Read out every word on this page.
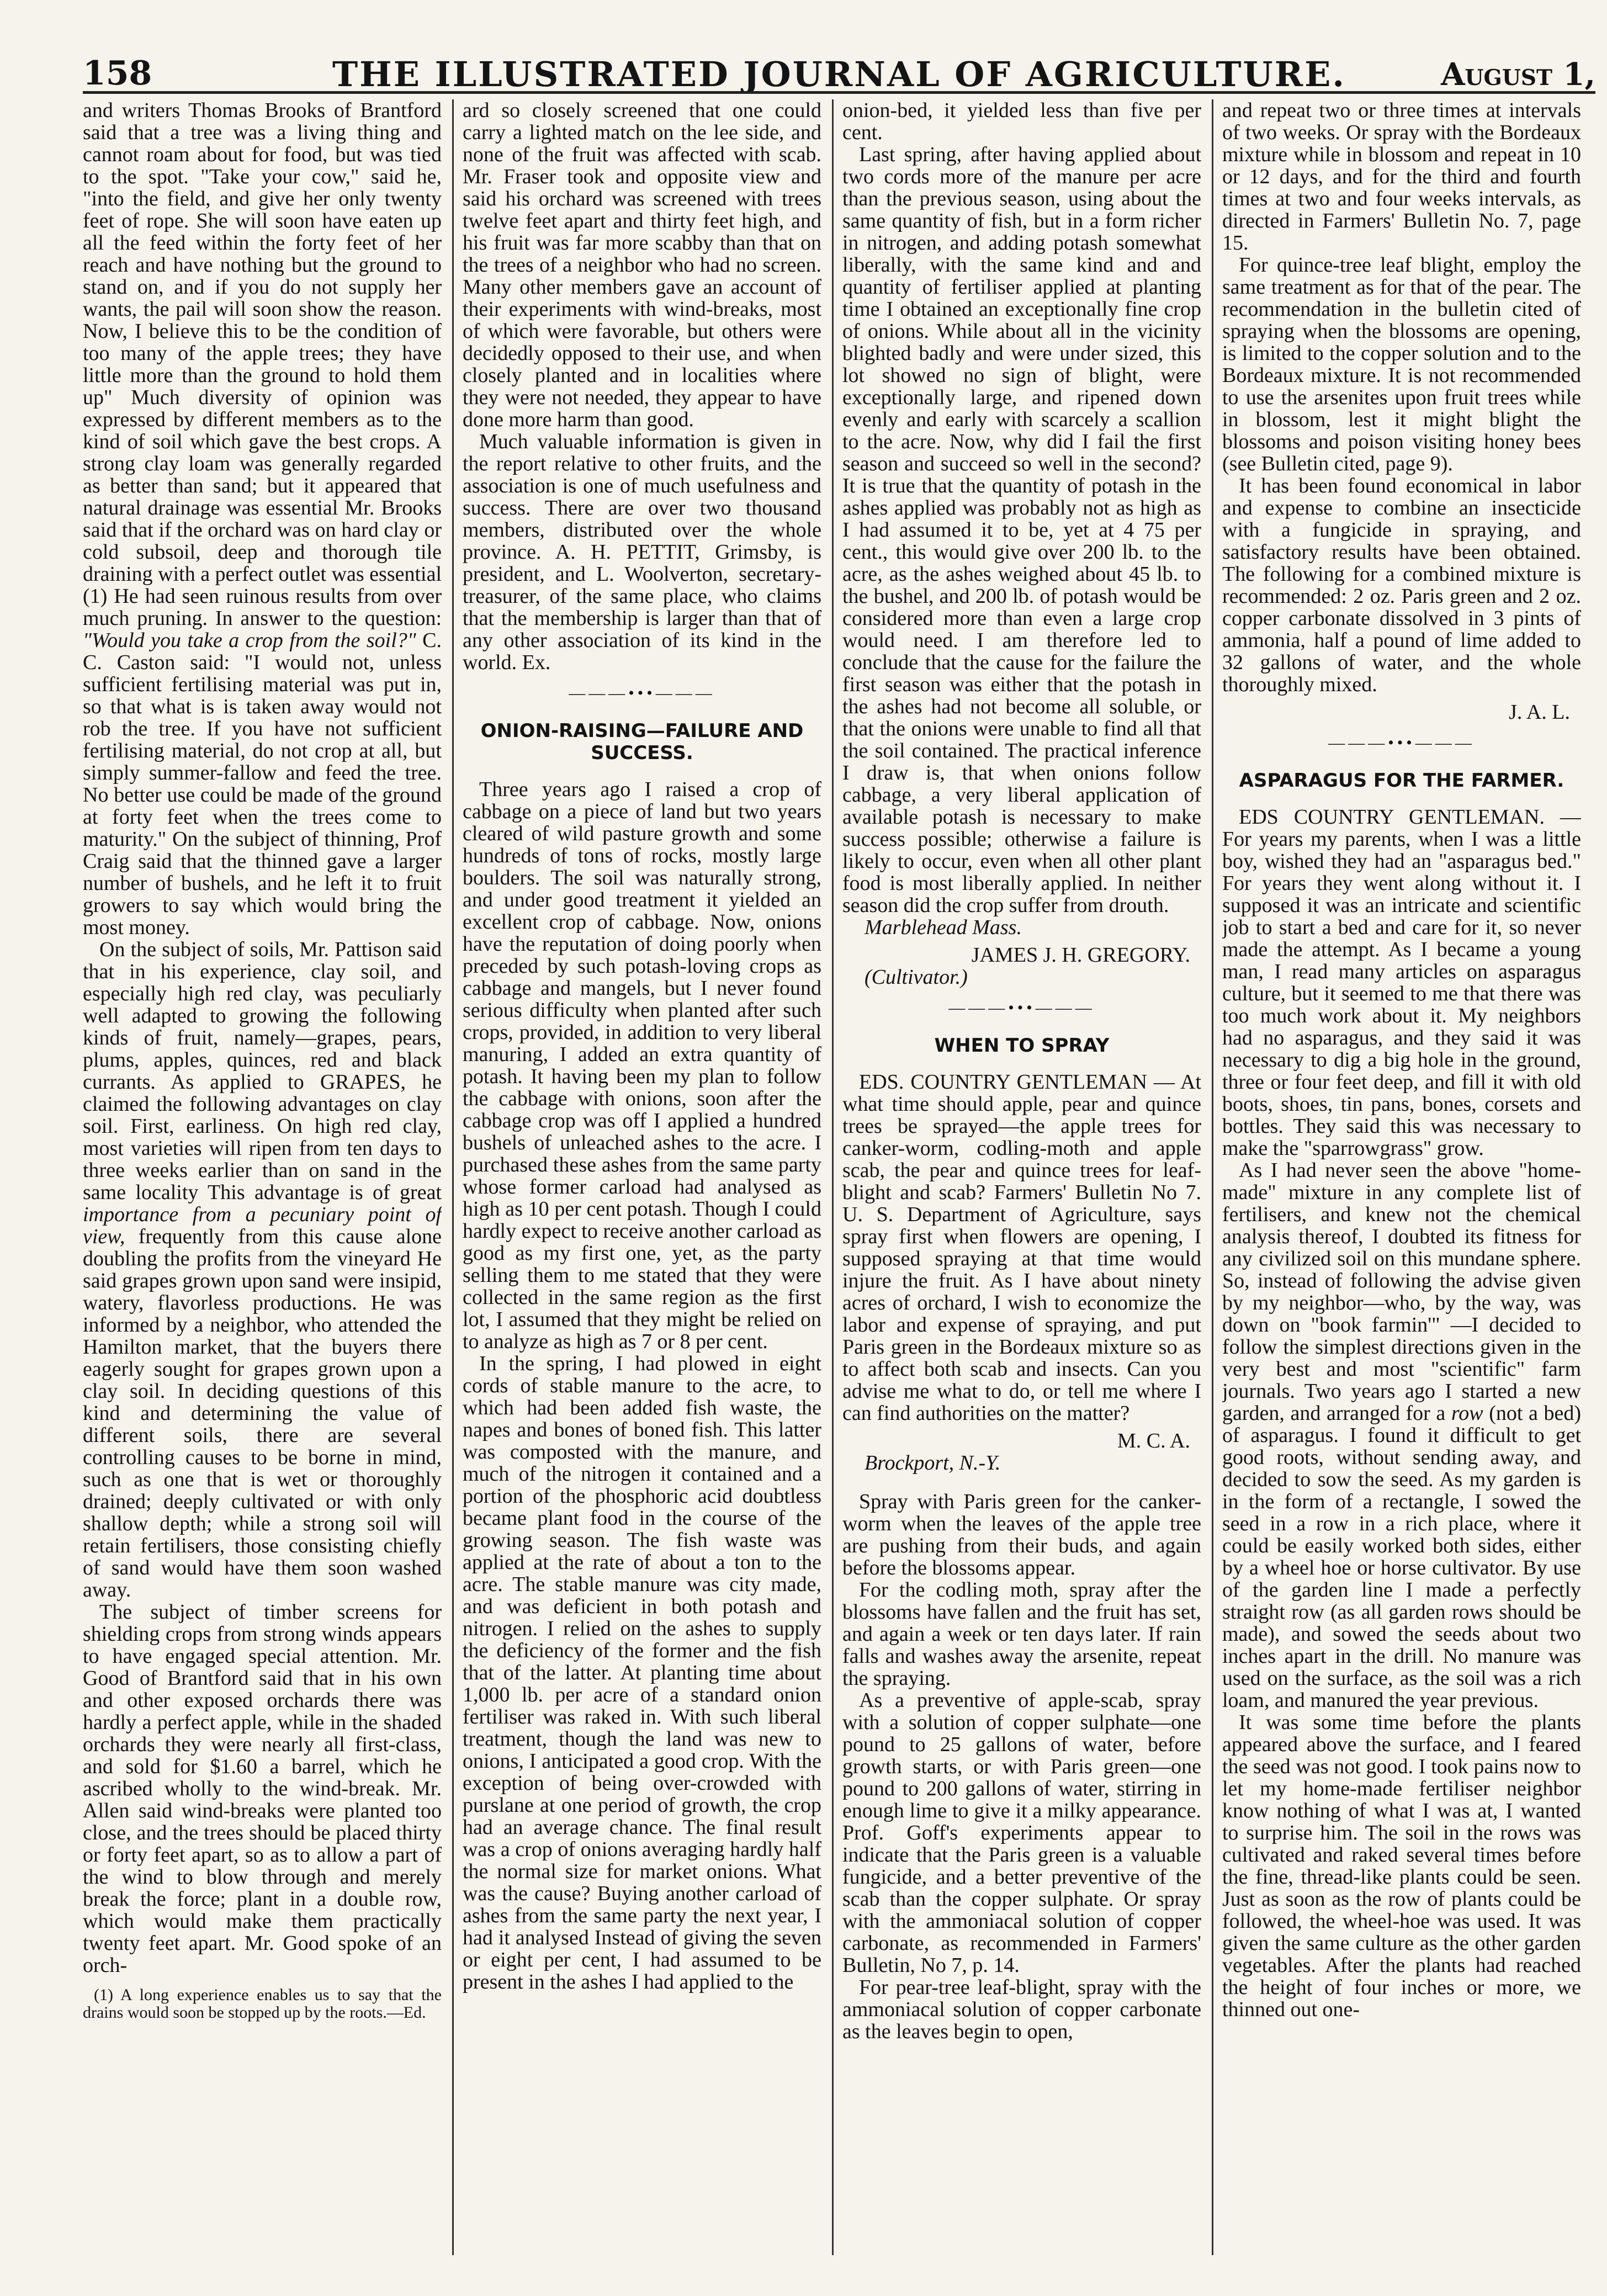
158	THE ILLUSTRATED JOURNAL OF AGRICULTURE.	August 1,

and writers Thomas Brooks of Brantford said that a tree was a living thing and cannot roam about for food, but was tied to the spot. "Take your cow," said he, "into the field, and give her only twenty feet of rope. She will soon have eaten up all the feed within the forty feet of her reach and have nothing but the ground to stand on, and if you do not supply her wants, the pail will soon show the reason. Now, I believe this to be the condition of too many of the apple trees; they have little more than the ground to hold them up" Much diversity of opinion was expressed by different members as to the kind of soil which gave the best crops. A strong clay loam was generally regarded as better than sand; but it appeared that natural drainage was essential Mr. Brooks said that if the orchard was on hard clay or cold subsoil, deep and thorough tile draining with a perfect outlet was essential (1) He had seen ruinous results from over much pruning. In answer to the question: "Would you take a crop from the soil?" C. C. Caston said: "I would not, unless sufficient fertilising material was put in, so that what is is taken away would not rob the tree. If you have not sufficient fertilising material, do not crop at all, but simply summer-fallow and feed the tree. No better use could be made of the ground at forty feet when the trees come to maturity." On the subject of thinning, Prof Craig said that the thinned gave a larger number of bushels, and he left it to fruit growers to say which would bring the most money.

On the subject of soils, Mr. Pattison said that in his experience, clay soil, and especially high red clay, was peculiarly well adapted to growing the following kinds of fruit, namely—grapes, pears, plums, apples, quinces, red and black currants. As applied to GRAPES, he claimed the following advantages on clay soil. First, earliness. On high red clay, most varieties will ripen from ten days to three weeks earlier than on sand in the same locality This advantage is of great importance from a pecuniary point of view, frequently from this cause alone doubling the profits from the vineyard He said grapes grown upon sand were insipid, watery, flavorless productions. He was informed by a neighbor, who attended the Hamilton market, that the buyers there eagerly sought for grapes grown upon a clay soil. In deciding questions of this kind and determining the value of different soils, there are several controlling causes to be borne in mind, such as one that is wet or thoroughly drained; deeply cultivated or with only shallow depth; while a strong soil will retain fertilisers, those consisting chiefly of sand would have them soon washed away.

The subject of timber screens for shielding crops from strong winds appears to have engaged special attention. Mr. Good of Brantford said that in his own and other exposed orchards there was hardly a perfect apple, while in the shaded orchards they were nearly all first-class, and sold for $1.60 a barrel, which he ascribed wholly to the wind-break. Mr. Allen said wind-breaks were planted too close, and the trees should be placed thirty or forty feet apart, so as to allow a part of the wind to blow through and merely break the force; plant in a double row, which would make them practically twenty feet apart. Mr. Good spoke of an orch-

(1) A long experience enables us to say that the drains would soon be stopped up by the roots.—Ed.

ard so closely screened that one could carry a lighted match on the lee side, and none of the fruit was affected with scab. Mr. Fraser took and opposite view and said his orchard was screened with trees twelve feet apart and thirty feet high, and his fruit was far more scabby than that on the trees of a neighbor who had no screen. Many other members gave an account of their experiments with wind-breaks, most of which were favorable, but others were decidedly opposed to their use, and when closely planted and in localities where they were not needed, they appear to have done more harm than good.

Much valuable information is given in the report relative to other fruits, and the association is one of much usefulness and success. There are over two thousand members, distributed over the whole province. A. H. PETTIT, Grimsby, is president, and L. Woolverton, secretary-treasurer, of the same place, who claims that the membership is larger than that of any other association of its kind in the world. Ex.

———•••———
ONION-RAISING—FAILURE AND SUCCESS.

Three years ago I raised a crop of cabbage on a piece of land but two years cleared of wild pasture growth and some hundreds of tons of rocks, mostly large boulders. The soil was naturally strong, and under good treatment it yielded an excellent crop of cabbage. Now, onions have the reputation of doing poorly when preceded by such potash-loving crops as cabbage and mangels, but I never found serious difficulty when planted after such crops, provided, in addition to very liberal manuring, I added an extra quantity of potash. It having been my plan to follow the cabbage with onions, soon after the cabbage crop was off I applied a hundred bushels of unleached ashes to the acre. I purchased these ashes from the same party whose former carload had analysed as high as 10 per cent potash. Though I could hardly expect to receive another carload as good as my first one, yet, as the party selling them to me stated that they were collected in the same region as the first lot, I assumed that they might be relied on to analyze as high as 7 or 8 per cent.

In the spring, I had plowed in eight cords of stable manure to the acre, to which had been added fish waste, the napes and bones of boned fish. This latter was composted with the manure, and much of the nitrogen it contained and a portion of the phosphoric acid doubtless became plant food in the course of the growing season. The fish waste was applied at the rate of about a ton to the acre. The stable manure was city made, and was deficient in both potash and nitrogen. I relied on the ashes to supply the deficiency of the former and the fish that of the latter. At planting time about 1,000 lb. per acre of a standard onion fertiliser was raked in. With such liberal treatment, though the land was new to onions, I anticipated a good crop. With the exception of being over-crowded with purslane at one period of growth, the crop had an average chance. The final result was a crop of onions averaging hardly half the normal size for market onions. What was the cause? Buying another carload of ashes from the same party the next year, I had it analysed Instead of giving the seven or eight per cent, I had assumed to be present in the ashes I had applied to the

onion-bed, it yielded less than five per cent.

Last spring, after having applied about two cords more of the manure per acre than the previous season, using about the same quantity of fish, but in a form richer in nitrogen, and adding potash somewhat liberally, with the same kind and and quantity of fertiliser applied at planting time I obtained an exceptionally fine crop of onions. While about all in the vicinity blighted badly and were under sized, this lot showed no sign of blight, were exceptionally large, and ripened down evenly and early with scarcely a scallion to the acre. Now, why did I fail the first season and succeed so well in the second? It is true that the quantity of potash in the ashes applied was probably not as high as I had assumed it to be, yet at 4 75 per cent., this would give over 200 lb. to the acre, as the ashes weighed about 45 lb. to the bushel, and 200 lb. of potash would be considered more than even a large crop would need. I am therefore led to conclude that the cause for the failure the first season was either that the potash in the ashes had not become all soluble, or that the onions were unable to find all that the soil contained. The practical inference I draw is, that when onions follow cabbage, a very liberal application of available potash is necessary to make success possible; otherwise a failure is likely to occur, even when all other plant food is most liberally applied. In neither season did the crop suffer from drouth.

Marblehead Mass.

JAMES J. H. GREGORY.

(Cultivator.)

———•••———
WHEN TO SPRAY

EDS. COUNTRY GENTLEMAN — At what time should apple, pear and quince trees be sprayed—the apple trees for canker-worm, codling-moth and apple scab, the pear and quince trees for leaf-blight and scab? Farmers' Bulletin No 7. U. S. Department of Agriculture, says spray first when flowers are opening, I supposed spraying at that time would injure the fruit. As I have about ninety acres of orchard, I wish to economize the labor and expense of spraying, and put Paris green in the Bordeaux mixture so as to affect both scab and insects. Can you advise me what to do, or tell me where I can find authorities on the matter?

M. C. A.

Brockport, N.-Y.

Spray with Paris green for the canker-worm when the leaves of the apple tree are pushing from their buds, and again before the blossoms appear.

For the codling moth, spray after the blossoms have fallen and the fruit has set, and again a week or ten days later. If rain falls and washes away the arsenite, repeat the spraying.

As a preventive of apple-scab, spray with a solution of copper sulphate—one pound to 25 gallons of water, before growth starts, or with Paris green—one pound to 200 gallons of water, stirring in enough lime to give it a milky appearance. Prof. Goff's experiments appear to indicate that the Paris green is a valuable fungicide, and a better preventive of the scab than the copper sulphate. Or spray with the ammoniacal solution of copper carbonate, as recommended in Farmers' Bulletin, No 7, p. 14.

For pear-tree leaf-blight, spray with the ammoniacal solution of copper carbonate as the leaves begin to open,

and repeat two or three times at intervals of two weeks. Or spray with the Bordeaux mixture while in blossom and repeat in 10 or 12 days, and for the third and fourth times at two and four weeks intervals, as directed in Farmers' Bulletin No. 7, page 15.

For quince-tree leaf blight, employ the same treatment as for that of the pear. The recommendation in the bulletin cited of spraying when the blossoms are opening, is limited to the copper solution and to the Bordeaux mixture. It is not recommended to use the arsenites upon fruit trees while in blossom, lest it might blight the blossoms and poison visiting honey bees (see Bulletin cited, page 9).

It has been found economical in labor and expense to combine an insecticide with a fungicide in spraying, and satisfactory results have been obtained. The following for a combined mixture is recommended: 2 oz. Paris green and 2 oz. copper carbonate dissolved in 3 pints of ammonia, half a pound of lime added to 32 gallons of water, and the whole thoroughly mixed.

J. A. L.

———•••———
ASPARAGUS FOR THE FARMER.

EDS COUNTRY GENTLEMAN. — For years my parents, when I was a little boy, wished they had an "asparagus bed." For years they went along without it. I supposed it was an intricate and scientific job to start a bed and care for it, so never made the attempt. As I became a young man, I read many articles on asparagus culture, but it seemed to me that there was too much work about it. My neighbors had no asparagus, and they said it was necessary to dig a big hole in the ground, three or four feet deep, and fill it with old boots, shoes, tin pans, bones, corsets and bottles. They said this was necessary to make the "sparrowgrass" grow.

As I had never seen the above "home-made" mixture in any complete list of fertilisers, and knew not the chemical analysis thereof, I doubted its fitness for any civilized soil on this mundane sphere. So, instead of following the advise given by my neighbor—who, by the way, was down on "book farmin'" —I decided to follow the simplest directions given in the very best and most "scientific" farm journals. Two years ago I started a new garden, and arranged for a row (not a bed) of asparagus. I found it difficult to get good roots, without sending away, and decided to sow the seed. As my garden is in the form of a rectangle, I sowed the seed in a row in a rich place, where it could be easily worked both sides, either by a wheel hoe or horse cultivator. By use of the garden line I made a perfectly straight row (as all garden rows should be made), and sowed the seeds about two inches apart in the drill. No manure was used on the surface, as the soil was a rich loam, and manured the year previous.

It was some time before the plants appeared above the surface, and I feared the seed was not good. I took pains now to let my home-made fertiliser neighbor know nothing of what I was at, I wanted to surprise him. The soil in the rows was cultivated and raked several times before the fine, thread-like plants could be seen. Just as soon as the row of plants could be followed, the wheel-hoe was used. It was given the same culture as the other garden vegetables. After the plants had reached the height of four inches or more, we thinned out one-
